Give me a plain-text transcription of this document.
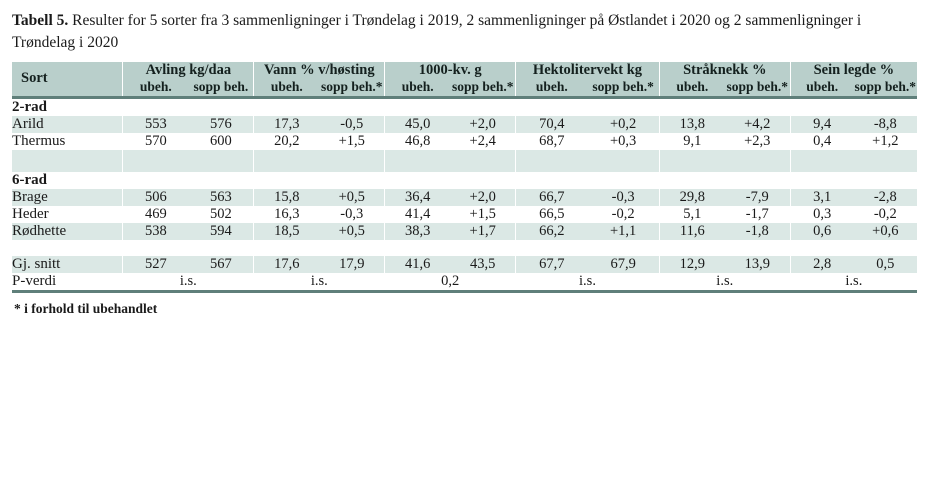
Tabell 5. Resulter for 5 sorter fra 3 sammenligninger i Trøndelag i 2019, 2 sammenligninger på Østlandet i 2020 og 2 sammenligninger i Trøndelag i 2020

Sort	Avling kg/daa		Vann % v/høsting		1000-kv. g		Hektolitervekt kg		Stråknekk %		Sein legde %	
	ubeh.	sopp beh.	ubeh.	sopp beh.*	ubeh.	sopp beh.*	ubeh.	sopp beh.*	ubeh.	sopp beh.*	ubeh.	sopp beh.*

2-rad												
Arild	553	576	17,3	-0,5	45,0	+2,0	70,4	+0,2	13,8	+4,2	9,4	-8,8
Thermus	570	600	20,2	+1,5	46,8	+2,4	68,7	+0,3	9,1	+2,3	0,4	+1,2

6-rad												
Brage	506	563	15,8	+0,5	36,4	+2,0	66,7	-0,3	29,8	-7,9	3,1	-2,8
Heder	469	502	16,3	-0,3	41,4	+1,5	66,5	-0,2	5,1	-1,7	0,3	-0,2
Rødhette	538	594	18,5	+0,5	38,3	+1,7	66,2	+1,1	11,6	-1,8	0,6	+0,6

Gj. snitt	527	567	17,6	17,9	41,6	43,5	67,7	67,9	12,9	13,9	2,8	0,5
P-verdi	i.s.		i.s.		0,2		i.s.		i.s.		i.s.	

* i forhold til ubehandlet
